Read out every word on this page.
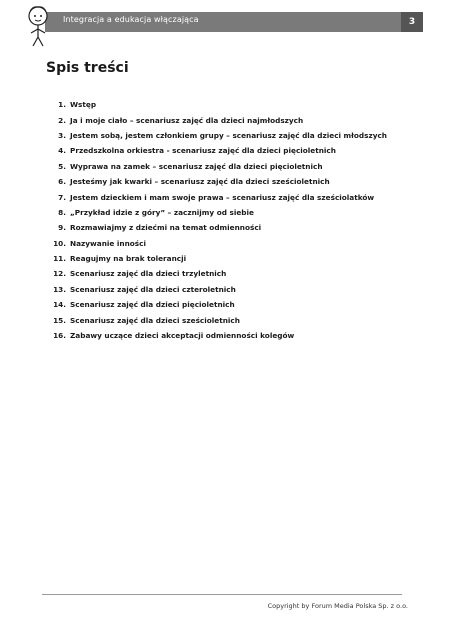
Integracja a edukacja włączająca	3
Spis treści
1. Wstęp
2. Ja i moje ciało – scenariusz zajęć dla dzieci najmłodszych
3. Jestem sobą, jestem członkiem grupy – scenariusz zajęć dla dzieci młodszych
4. Przedszkolna orkiestra - scenariusz zajęć dla dzieci pięcioletnich
5. Wyprawa na zamek – scenariusz zajęć dla dzieci pięcioletnich
6. Jesteśmy jak kwarki – scenariusz zajęć dla dzieci sześcioletnich
7. Jestem dzieckiem i mam swoje prawa – scenariusz zajęć dla sześciolatków
8. „Przykład idzie z góry” – zacznijmy od siebie
9. Rozmawiajmy z dziećmi na temat odmienności
10. Nazywanie inności
11. Reagujmy na brak tolerancji
12. Scenariusz zajęć dla dzieci trzyletnich
13. Scenariusz zajęć dla dzieci czteroletnich
14. Scenariusz zajęć dla dzieci pięcioletnich
15. Scenariusz zajęć dla dzieci sześcioletnich
16. Zabawy uczące dzieci akceptacji odmienności kolegów
Copyright by Forum Media Polska Sp. z o.o.
